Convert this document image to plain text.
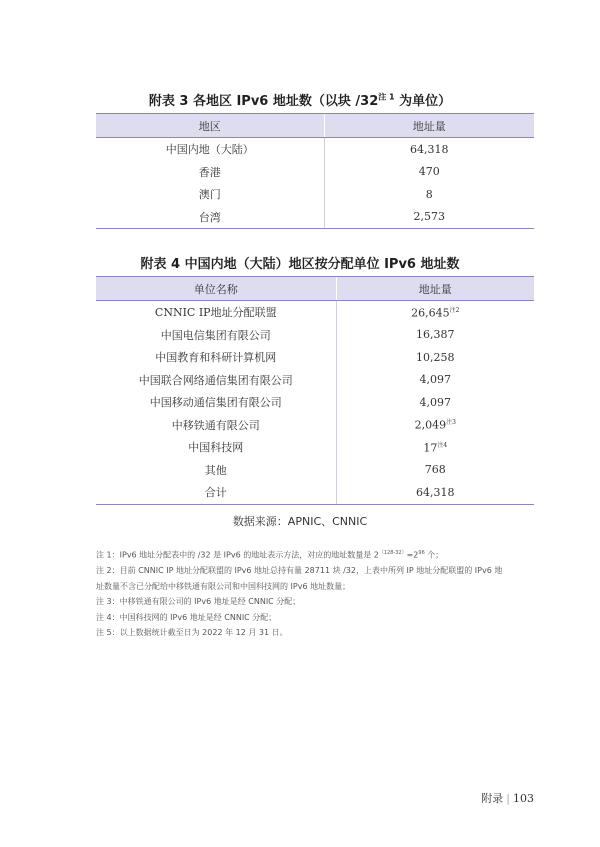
附表 3 各地区 IPv6 地址数（以块 $/32^{注 1}$ 为单位）
地区	地址量
中国内地（大陆）	64,318
香港	470
澳门	8
台湾	2,573
附表 4 中国内地（大陆）地区按分配单位 IPv6 地址数
单位名称	地址量
CNNIC IP地址分配联盟	26,645$^{注2}$
中国电信集团有限公司	16,387
中国教育和科研计算机网	10,258
中国联合网络通信集团有限公司	4,097
中国移动通信集团有限公司	4,097
中移铁通有限公司	2,049$^{注3}$
中国科技网	17$^{注4}$
其他	768
合计	64,318
数据来源：APNIC、CNNIC
注 1：IPv6 地址分配表中的 /32 是 IPv6 的地址表示方法，对应的地址数量是 $2^{(128-32)}=2^{96}$ 个；
注 2：目前 CNNIC IP 地址分配联盟的 IPv6 地址总持有量 28711 块 /32，上表中所列 IP 地址分配联盟的 IPv6 地
址数量不含已分配给中移铁通有限公司和中国科技网的 IPv6 地址数量；
注 3：中移铁通有限公司的 IPv6 地址是经 CNNIC 分配；
注 4：中国科技网的 IPv6 地址是经 CNNIC 分配；
注 5：以上数据统计截至日为 2022 年 12 月 31 日。
附录 | 103
